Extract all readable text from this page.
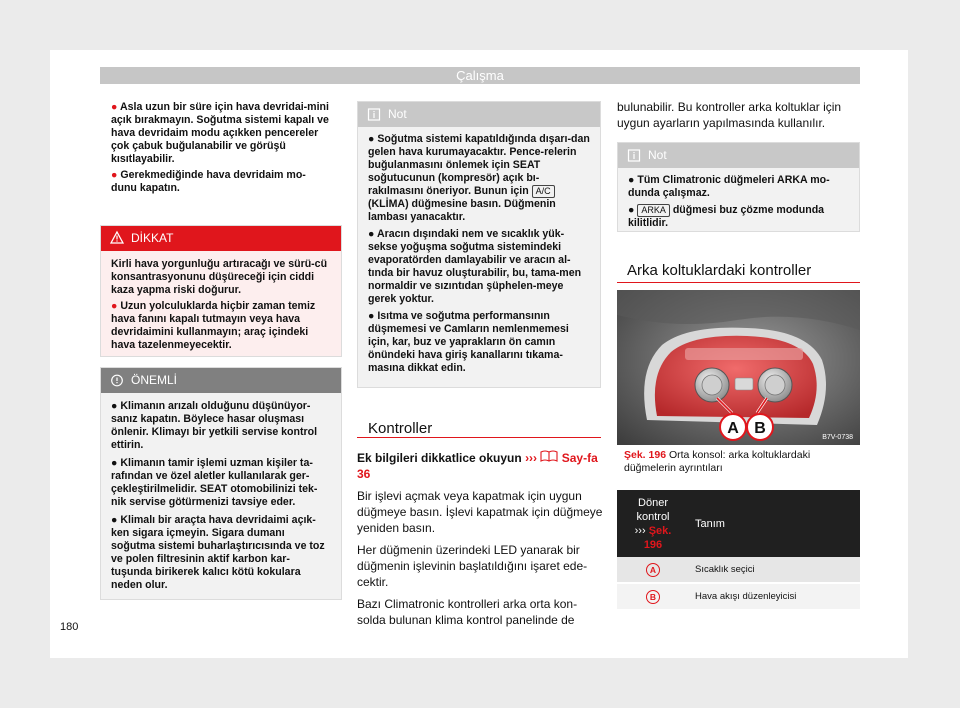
Çalışma

● Asla uzun bir süre için hava devridai-mini açık bırakmayın. Soğutma sistemi kapalı ve hava devridaim modu açıkken pencereler çok çabuk buğulanabilir ve görüşü kısıtlayabilir.

● Gerekmediğinde hava devridaim mo-dunu kapatın.

DİKKAT

Kirli hava yorgunluğu artıracağı ve sürü-cü konsantrasyonunu düşüreceği için ciddi kaza yapma riski doğurur.

● Uzun yolculuklarda hiçbir zaman temiz hava fanını kapalı tutmayın veya hava devridaimini kullanmayın; araç içindeki hava tazelenmeyecektir.

ÖNEMLİ

● Klimanın arızalı olduğunu düşünüyor-sanız kapatın. Böylece hasar oluşması önlenir. Klimayı bir yetkili servise kontrol ettirin.

● Klimanın tamir işlemi uzman kişiler ta-rafından ve özel aletler kullanılarak ger-çekleştirilmelidir. SEAT otomobilinizi tek-nik servise götürmenizi tavsiye eder.

● Klimalı bir araçta hava devridaimi açık-ken sigara içmeyin. Sigara dumanı soğutma sistemi buharlaştırıcısında ve toz ve polen filtresinin aktif karbon kar-tuşunda birikerek kalıcı kötü kokulara neden olur.

Not

● Soğutma sistemi kapatıldığında dışarı-dan gelen hava kurumayacaktır. Pence-relerin buğulanmasını önlemek için SEAT soğutucunun (kompresör) açık bı-rakılmasını öneriyor. Bunun için A/C (KLİMA) düğmesine basın. Düğmenin lambası yanacaktır.

● Aracın dışındaki nem ve sıcaklık yük-sekse yoğuşma soğutma sistemindeki evaporatörden damlayabilir ve aracın al-tında bir havuz oluşturabilir, bu, tama-men normaldir ve sızıntıdan şüphelen-meye gerek yoktur.

● Isıtma ve soğutma performansının düşmemesi ve Camların nemlenmemesi için, kar, buz ve yaprakların ön camın önündeki hava giriş kanallarını tıkama-masına dikkat edin.

Kontroller

Ek bilgileri dikkatlice okuyun ››› Say-fa 36

Bir işlevi açmak veya kapatmak için uygun düğmeye basın. İşlevi kapatmak için düğmeye yeniden basın.

Her düğmenin üzerindeki LED yanarak bir düğmenin işlevinin başlatıldığını işaret ede-cektir.

Bazı Climatronic kontrolleri arka orta kon-solda bulunan klima kontrol panelinde de

bulunabilir. Bu kontroller arka koltuklar için uygun ayarların yapılmasında kullanılır.

Not

● Tüm Climatronic düğmeleri ARKA mo-dunda çalışmaz.

● ARKA düğmesi buz çözme modunda kilitlidir.

Arka koltuklardaki kontroller
A B
B7V-0738
Şek. 196 Orta konsol: arka koltuklardaki düğmelerin ayrıntıları
Döner
kontrol
››› Şek.
196	Tanım
A	Sıcaklık seçici
B	Hava akışı düzenleyicisi
180
